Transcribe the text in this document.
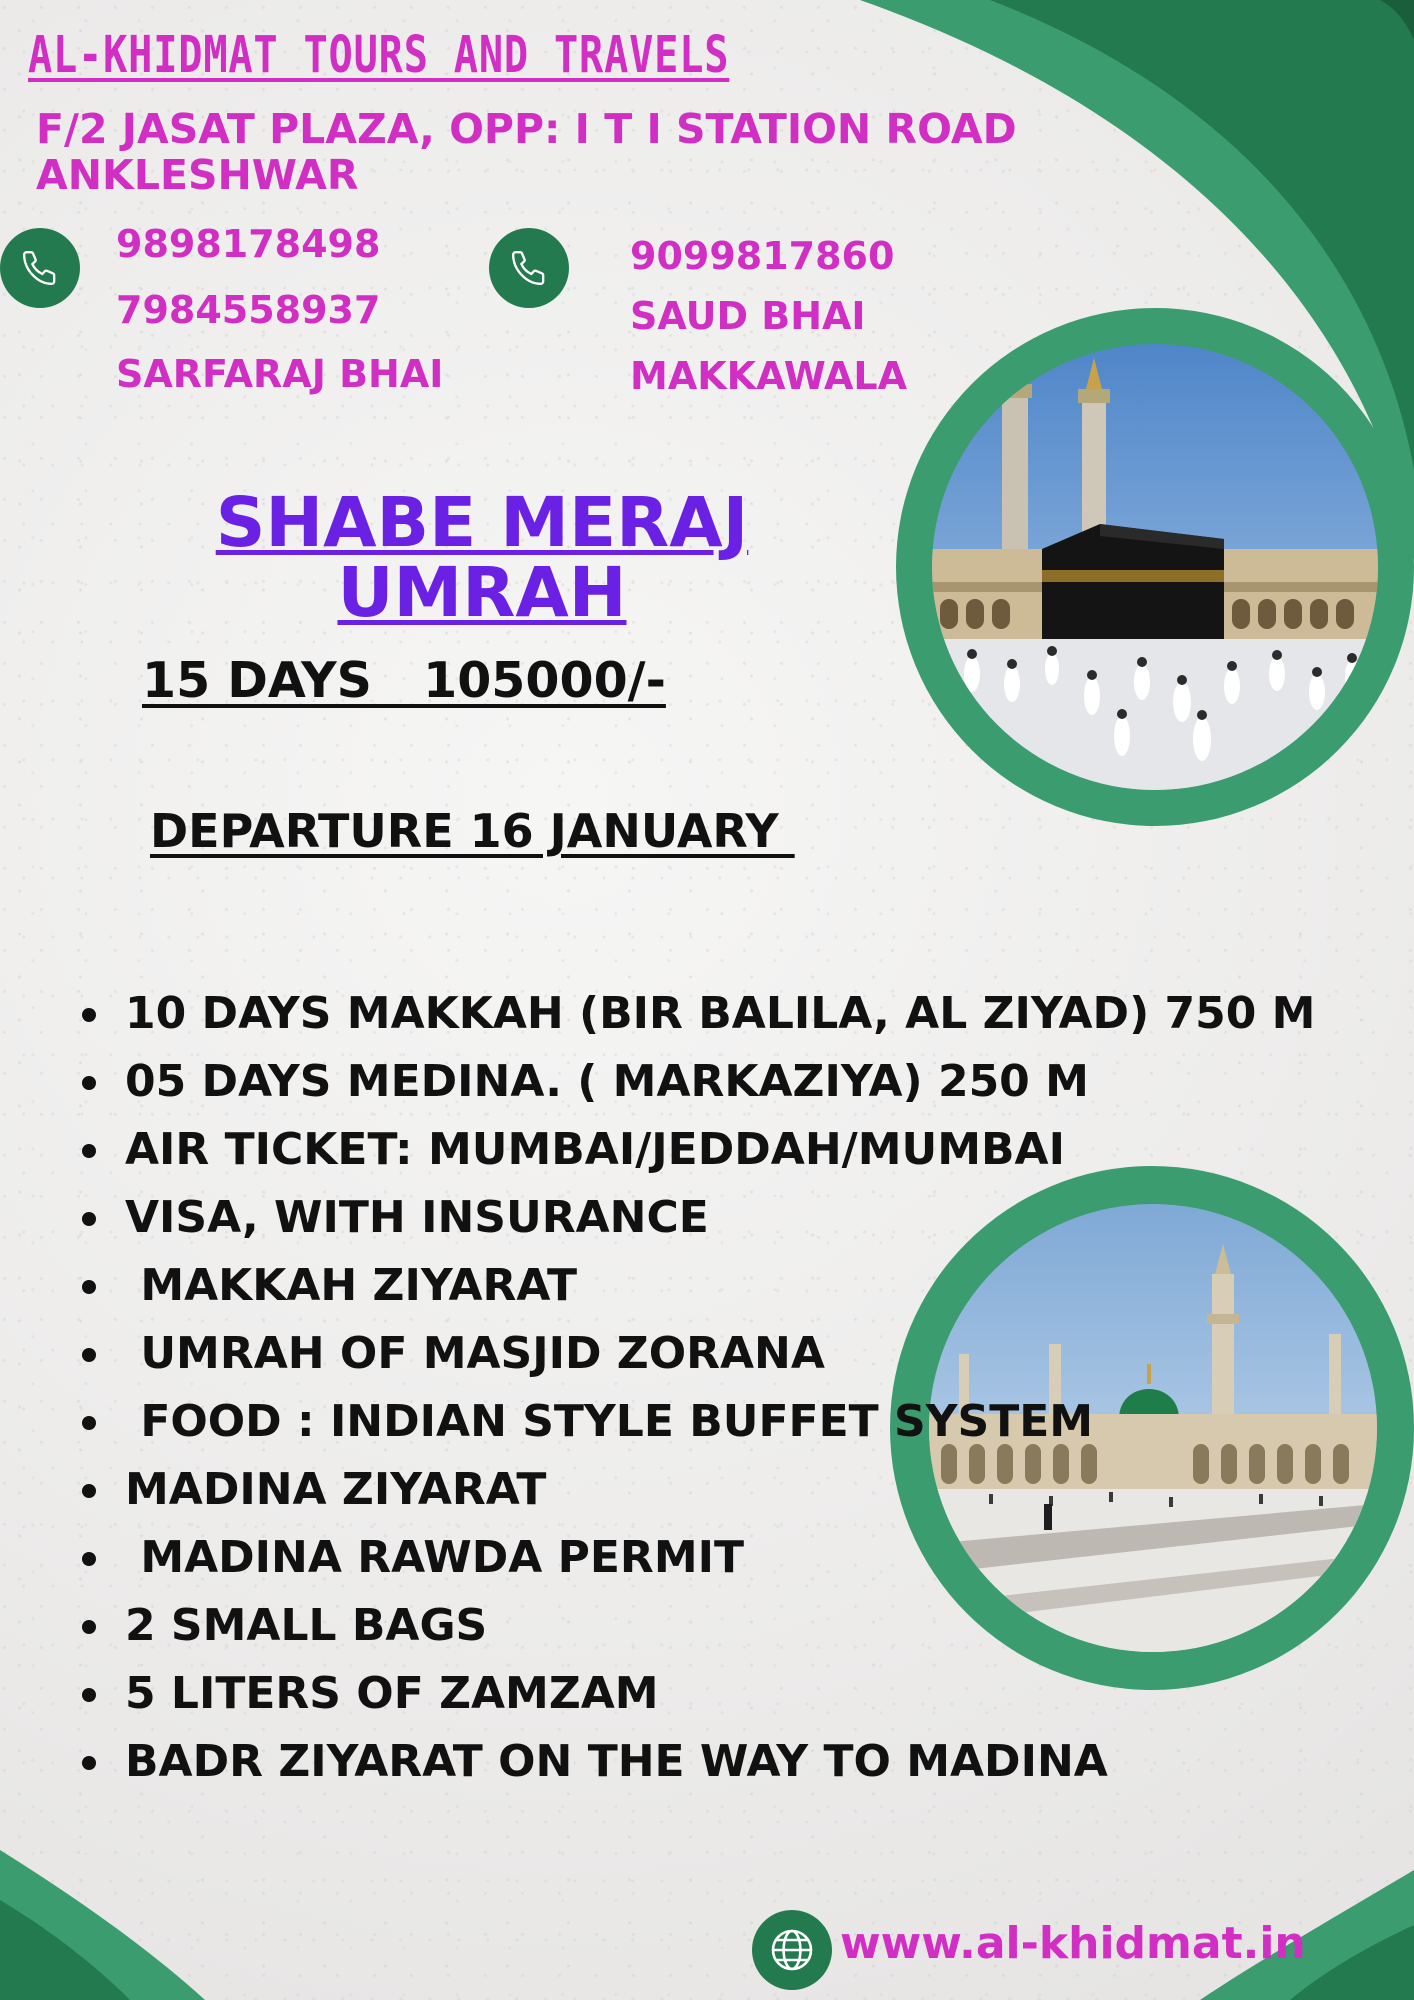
AL-KHIDMAT TOURS AND TRAVELS
F/2 JASAT PLAZA, OPP: I T I STATION ROAD
ANKLESHWAR
9898178498
7984558937
SARFARAJ BHAI
9099817860
SAUD BHAI
MAKKAWALA
SHABE MERAJ
UMRAH
15 DAYS   105000/-
DEPARTURE 16 JANUARY
10 DAYS MAKKAH (BIR BALILA, AL ZIYAD) 750 M
05 DAYS MEDINA. ( MARKAZIYA) 250 M
AIR TICKET: MUMBAI/JEDDAH/MUMBAI
VISA, WITH INSURANCE
MAKKAH ZIYARAT
UMRAH OF MASJID ZORANA
FOOD : INDIAN STYLE BUFFET SYSTEM
MADINA ZIYARAT
MADINA RAWDA PERMIT
2 SMALL BAGS
5 LITERS OF ZAMZAM
BADR ZIYARAT ON THE WAY TO MADINA
www.al-khidmat.in
